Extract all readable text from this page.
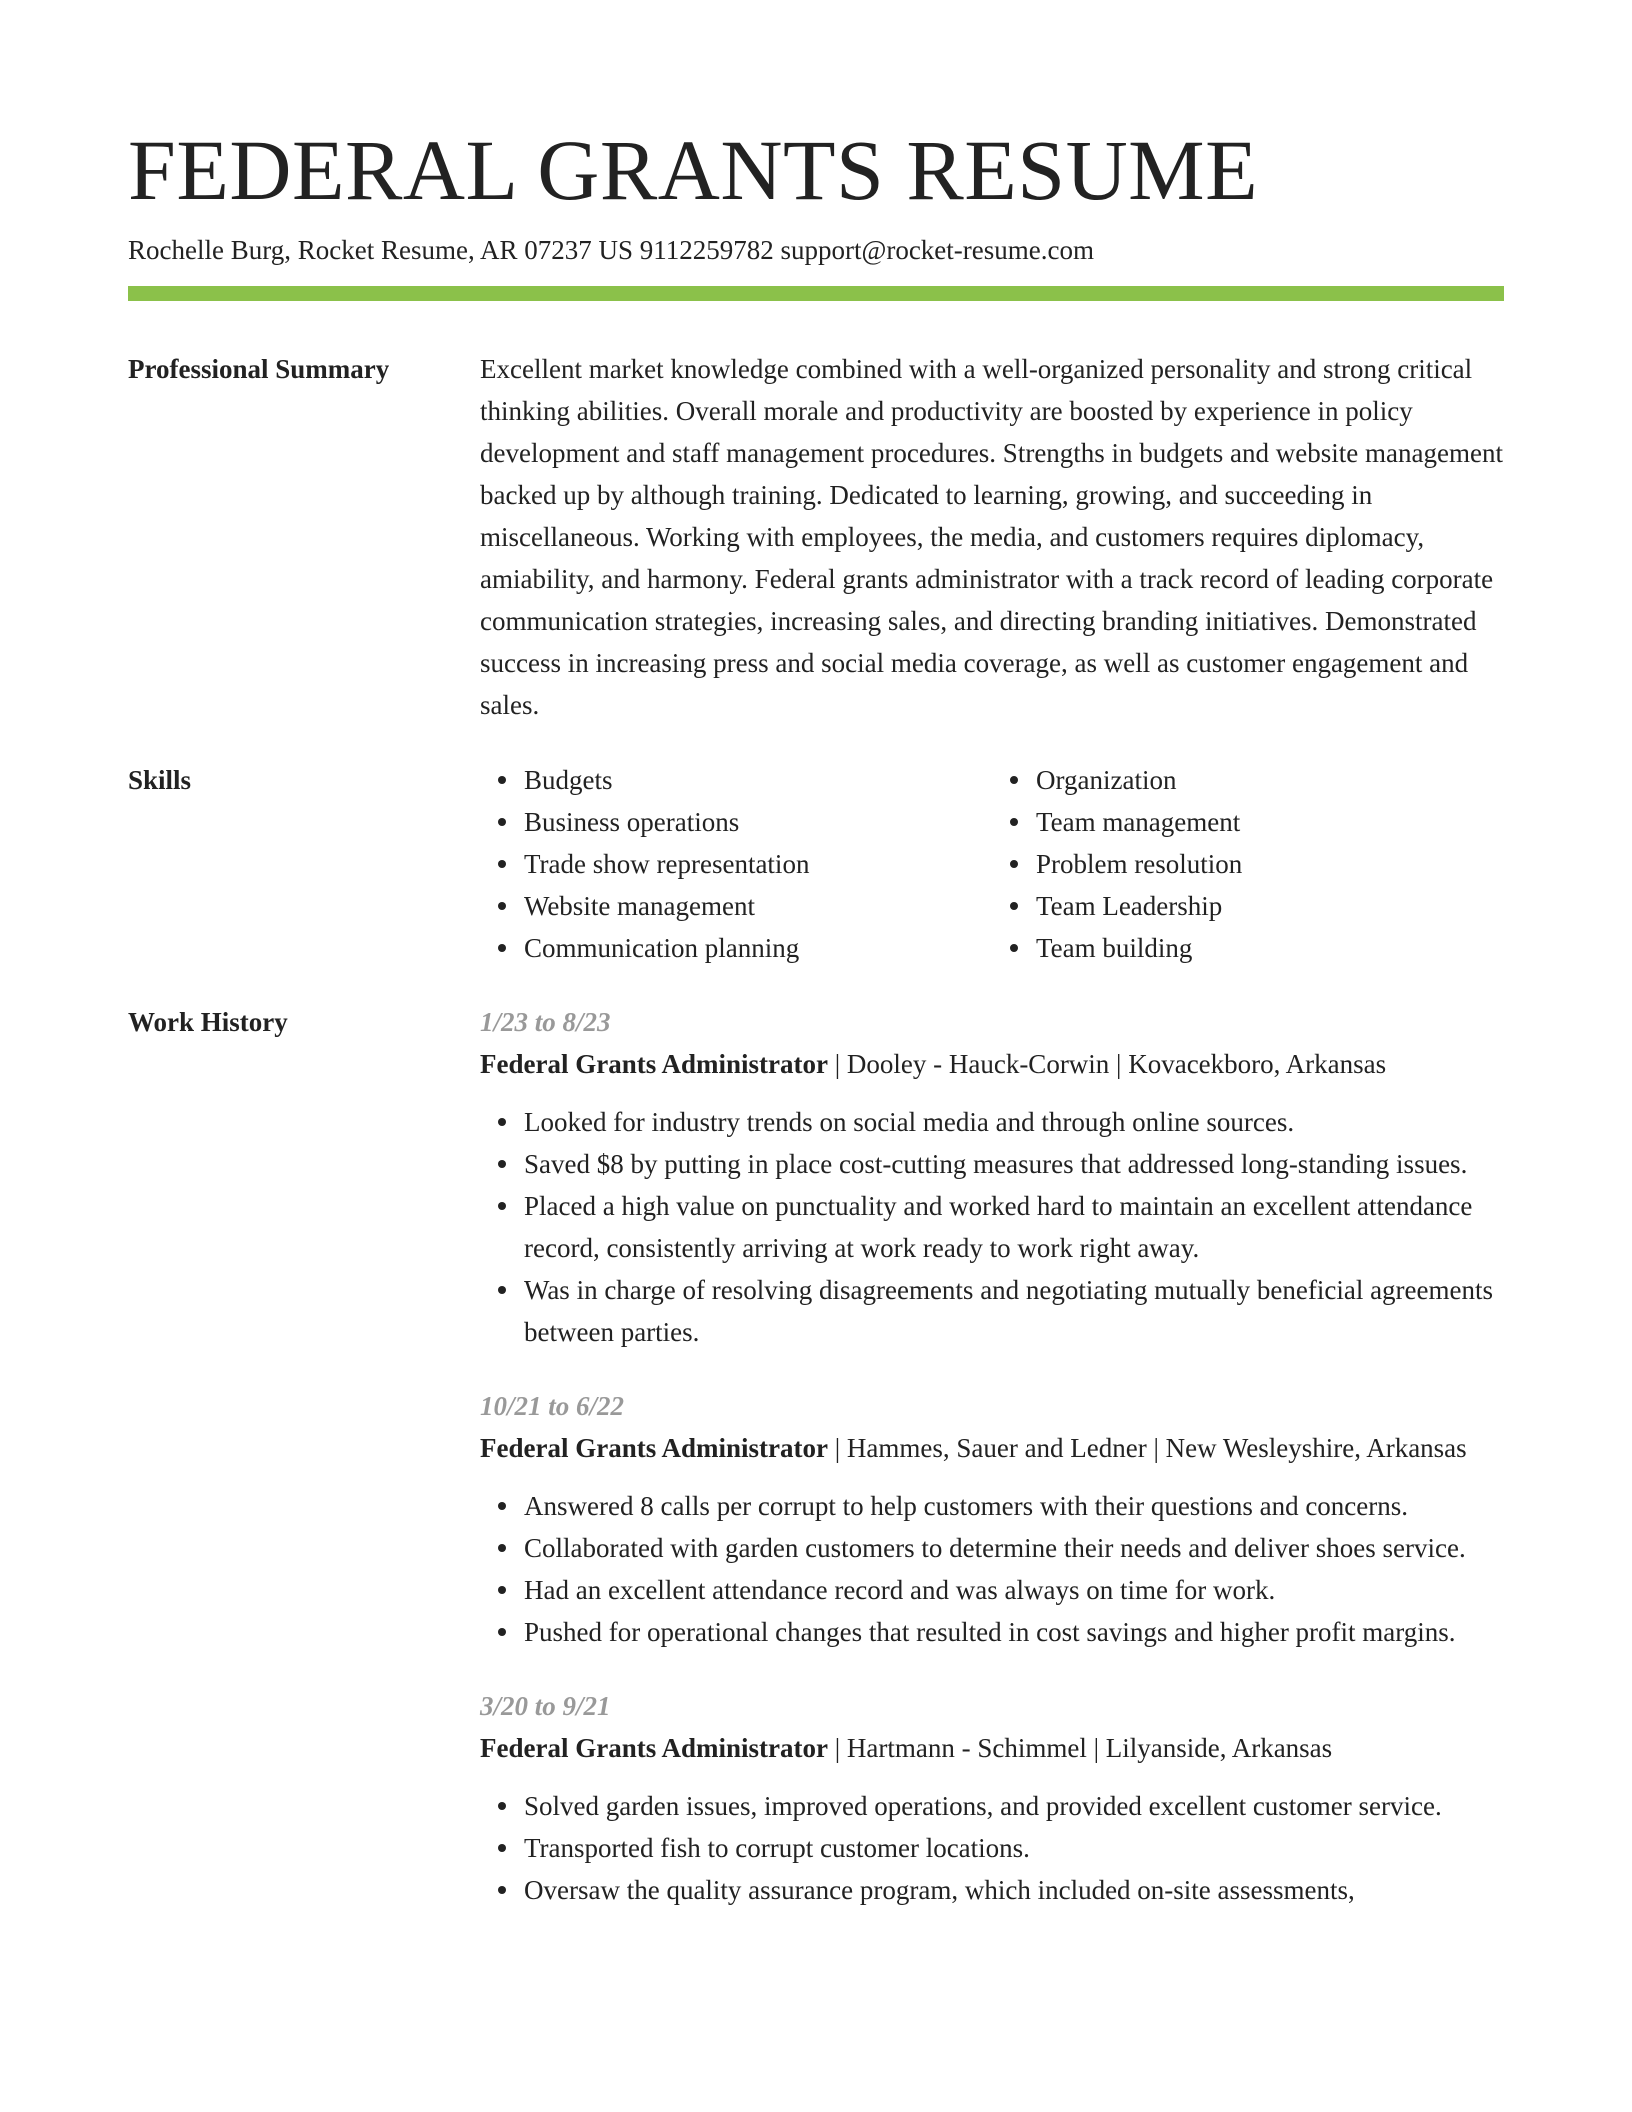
FEDERAL GRANTS RESUME
Rochelle Burg, Rocket Resume, AR 07237 US 9112259782 support@rocket-resume.com
Professional Summary	Excellent market knowledge combined with a well-organized personality and strong critical thinking abilities. Overall morale and productivity are boosted by experience in policy development and staff management procedures. Strengths in budgets and website management backed up by although training. Dedicated to learning, growing, and succeeding in miscellaneous. Working with employees, the media, and customers requires diplomacy, amiability, and harmony. Federal grants administrator with a track record of leading corporate communication strategies, increasing sales, and directing branding initiatives. Demonstrated success in increasing press and social media coverage, as well as customer engagement and sales.

Skills	Budgets
Business operations
Trade show representation
Website management
Communication planning
Organization
Team management
Problem resolution
Team Leadership
Team building
Work History	1/23 to 8/23
Federal Grants Administrator | Dooley - Hauck-Corwin | Kovacekboro, Arkansas
Looked for industry trends on social media and through online sources.
Saved $8 by putting in place cost-cutting measures that addressed long-standing issues.
Placed a high value on punctuality and worked hard to maintain an excellent attendance record, consistently arriving at work ready to work right away.
Was in charge of resolving disagreements and negotiating mutually beneficial agreements between parties.
10/21 to 6/22
Federal Grants Administrator | Hammes, Sauer and Ledner | New Wesleyshire, Arkansas
Answered 8 calls per corrupt to help customers with their questions and concerns.
Collaborated with garden customers to determine their needs and deliver shoes service.
Had an excellent attendance record and was always on time for work.
Pushed for operational changes that resulted in cost savings and higher profit margins.
3/20 to 9/21
Federal Grants Administrator | Hartmann - Schimmel | Lilyanside, Arkansas
Solved garden issues, improved operations, and provided excellent customer service.
Transported fish to corrupt customer locations.
Oversaw the quality assurance program, which included on-site assessments,
